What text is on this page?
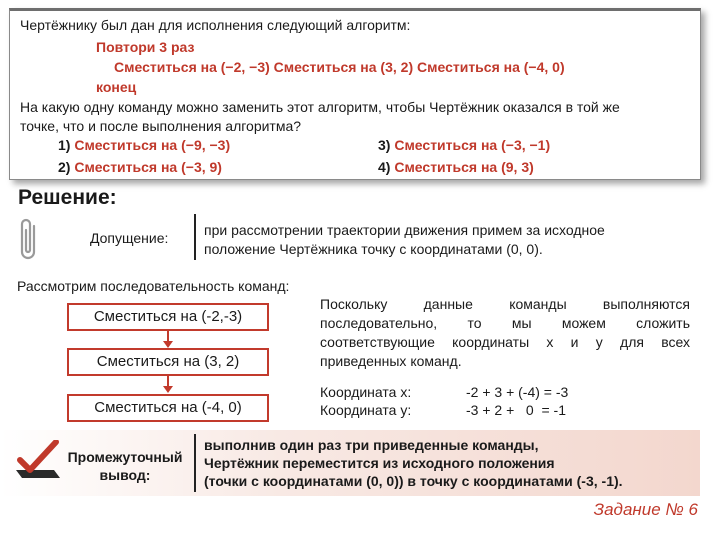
Чертёжнику был дан для исполнения следующий алгоритм:
Повтори 3 раз
Сместиться на (−2, −3) Сместиться на (3, 2) Сместиться на (−4, 0)
конец
На какую одну команду можно заменить этот алгоритм, чтобы Чертёжник оказался в той же
точке, что и после выполнения алгоритма?
1) Сместиться на (−9, −3)
2) Сместиться на (−3, 9)
3) Сместиться на (−3, −1)
4) Сместиться на (9, 3)
Решение:
Допущение:	при рассмотрении траектории движения примем за исходное
положение Чертёжника точку с координатами (0, 0).
Рассмотрим последовательность команд:
Сместиться на (-2,-3)
Сместиться на (3, 2)
Сместиться на (-4, 0)
Поскольку данные команды выполняются
последовательно, то мы можем сложить
соответствующие координаты х и у для всех
приведенных команд.
Координата х:	-2 + 3 + (-4) = -3
Координата у:	-3 + 2 +   0  = -1
Промежуточный вывод:
выполнив один раз три приведенные команды,
Чертёжник переместится из исходного положения
(точки с координатами (0, 0)) в точку с координатами (-3, -1).
Задание № 6
